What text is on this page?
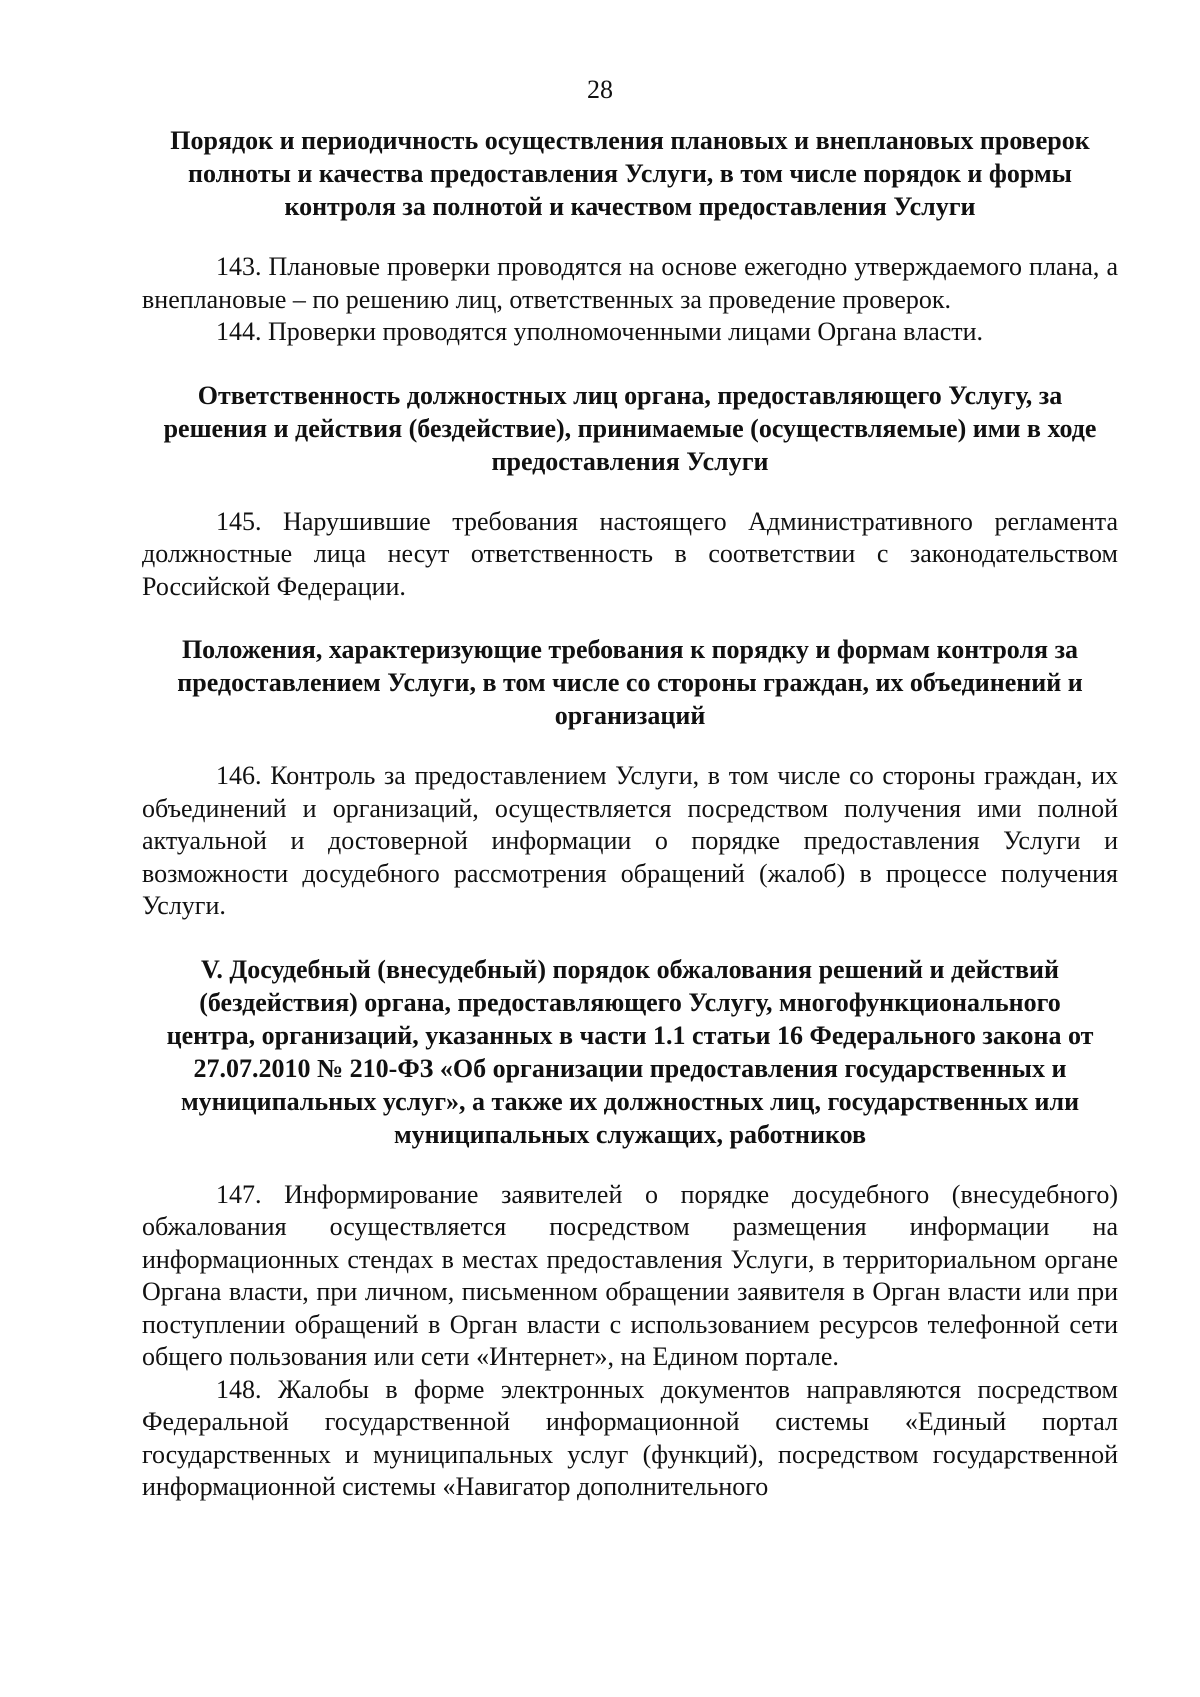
28
Порядок и периодичность осуществления плановых и внеплановых проверок полноты и качества предоставления Услуги, в том числе порядок и формы контроля за полнотой и качеством предоставления Услуги

143. Плановые проверки проводятся на основе ежегодно утверждаемого плана, а внеплановые – по решению лиц, ответственных за проведение проверок.

144. Проверки проводятся уполномоченными лицами Органа власти.

Ответственность должностных лиц органа, предоставляющего Услугу, за решения и действия (бездействие), принимаемые (осуществляемые) ими в ходе предоставления Услуги

145. Нарушившие требования настоящего Административного регламента должностные лица несут ответственность в соответствии с законодательством Российской Федерации.

Положения, характеризующие требования к порядку и формам контроля за предоставлением Услуги, в том числе со стороны граждан, их объединений и организаций

146. Контроль за предоставлением Услуги, в том числе со стороны граждан, их объединений и организаций, осуществляется посредством получения ими полной актуальной и достоверной информации о порядке предоставления Услуги и возможности досудебного рассмотрения обращений (жалоб) в процессе получения Услуги.

V. Досудебный (внесудебный) порядок обжалования решений и действий (бездействия) органа, предоставляющего Услугу, многофункционального центра, организаций, указанных в части 1.1 статьи 16 Федерального закона от 27.07.2010 № 210-ФЗ «Об организации предоставления государственных и муниципальных услуг», а также их должностных лиц, государственных или муниципальных служащих, работников

147. Информирование заявителей о порядке досудебного (внесудебного) обжалования осуществляется посредством размещения информации на информационных стендах в местах предоставления Услуги, в территориальном органе Органа власти, при личном, письменном обращении заявителя в Орган власти или при поступлении обращений в Орган власти с использованием ресурсов телефонной сети общего пользования или сети «Интернет», на Едином портале.

148. Жалобы в форме электронных документов направляются посредством Федеральной государственной информационной системы «Единый портал государственных и муниципальных услуг (функций), посредством государственной информационной системы «Навигатор дополнительного
